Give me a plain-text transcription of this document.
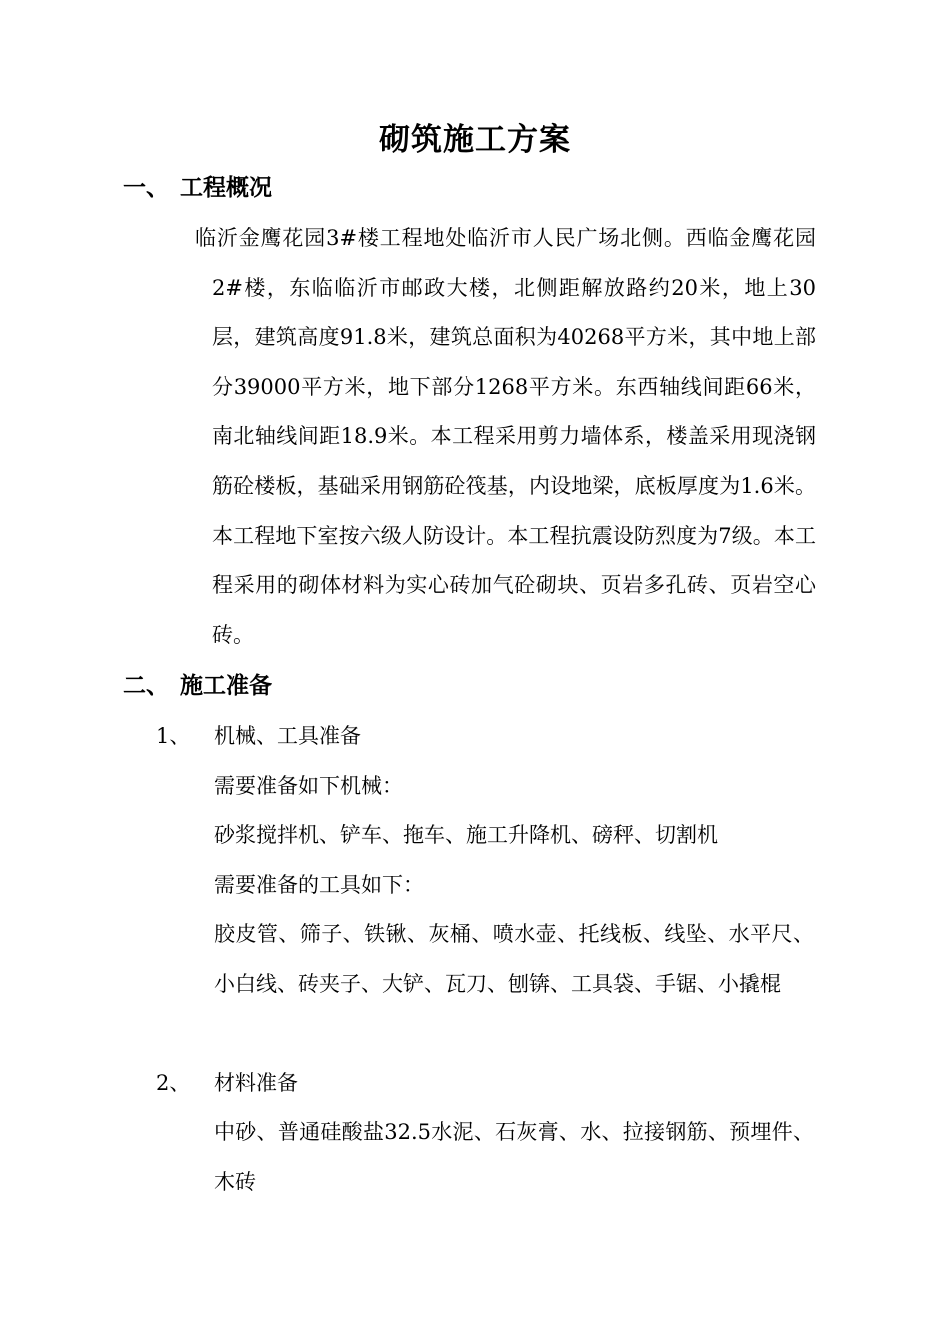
砌筑施工方案
一、 工程概况
临沂金鹰花园3#楼工程地处临沂市人民广场北侧。西临金鹰花园2#楼，东临临沂市邮政大楼，北侧距解放路约20米，地上30层，建筑高度91.8米，建筑总面积为40268平方米，其中地上部分39000平方米，地下部分1268平方米。东西轴线间距66米，南北轴线间距18.9米。本工程采用剪力墙体系，楼盖采用现浇钢筋砼楼板，基础采用钢筋砼筏基，内设地梁，底板厚度为1.6米。本工程地下室按六级人防设计。本工程抗震设防烈度为7级。本工程采用的砌体材料为实心砖加气砼砌块、页岩多孔砖、页岩空心砖。
二、 施工准备
1、 机械、工具准备
需要准备如下机械：
砂浆搅拌机、铲车、拖车、施工升降机、磅秤、切割机
需要准备的工具如下：
胶皮管、筛子、铁锹、灰桶、喷水壶、托线板、线坠、水平尺、小白线、砖夹子、大铲、瓦刀、刨锛、工具袋、手锯、小撬棍
2、 材料准备
中砂、普通硅酸盐32.5水泥、石灰膏、水、拉接钢筋、预埋件、木砖
